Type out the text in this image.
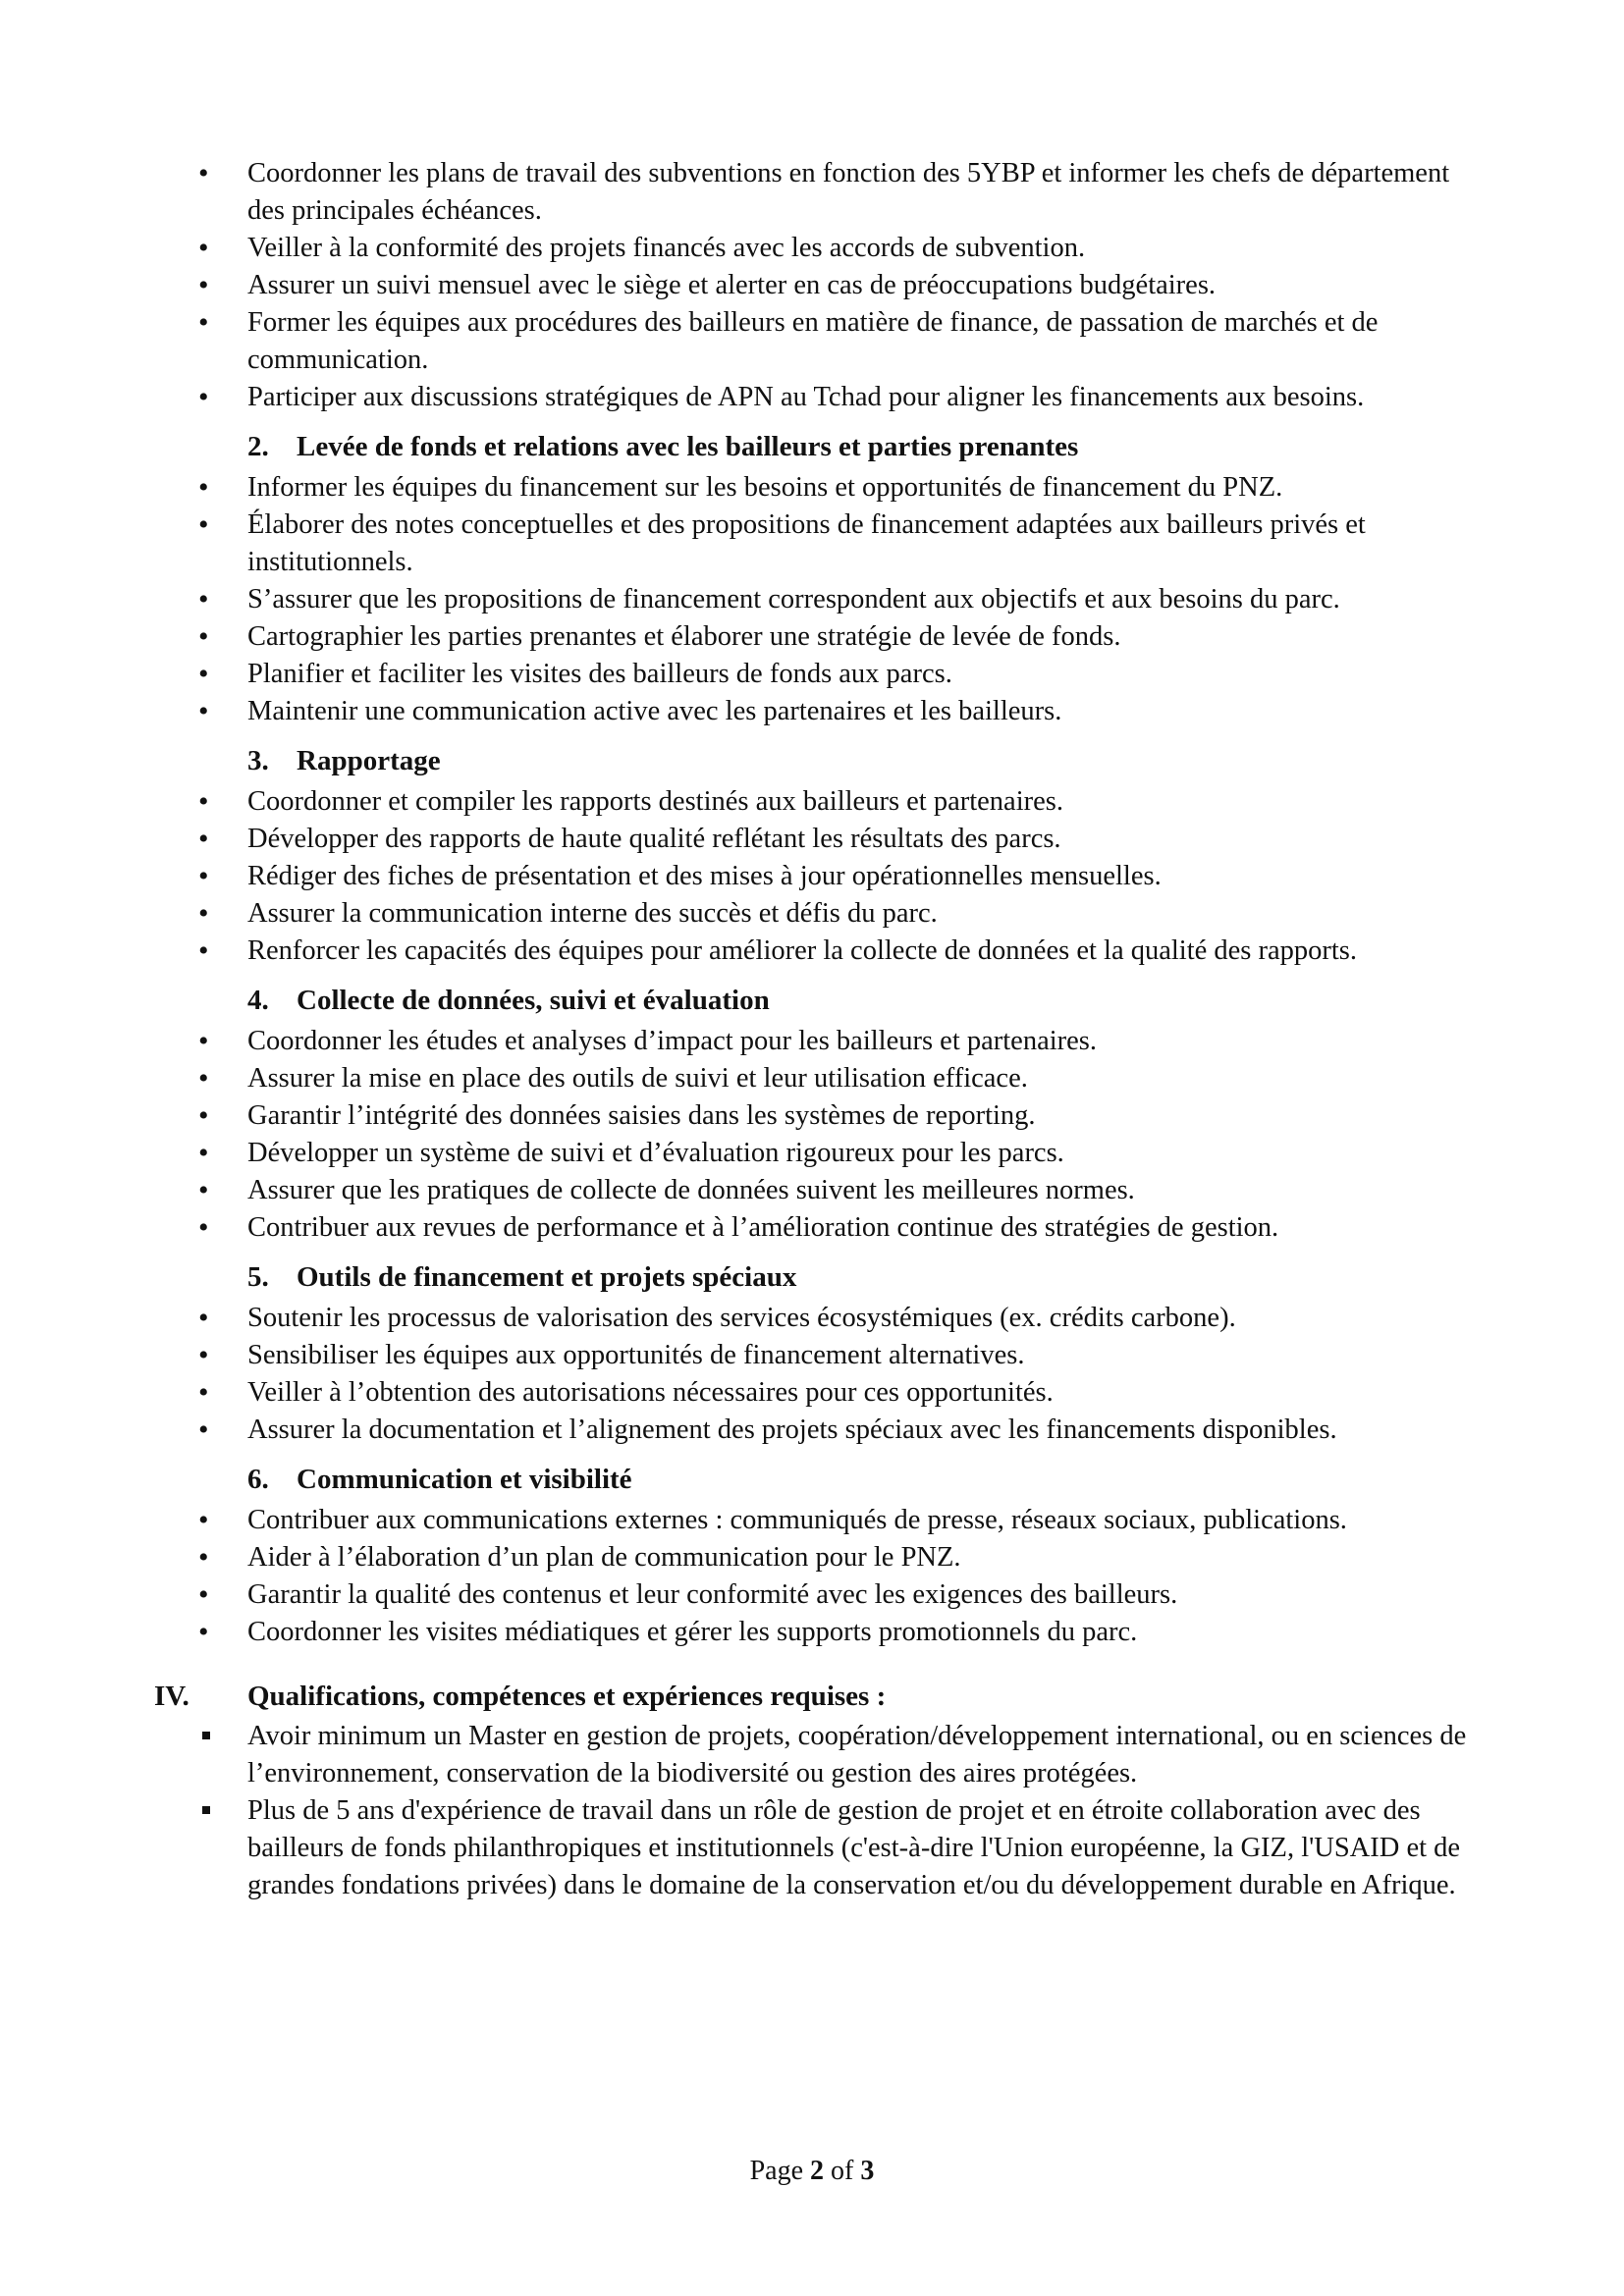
• Coordonner les plans de travail des subventions en fonction des 5YBP et informer les chefs de département des principales échéances.
• Veiller à la conformité des projets financés avec les accords de subvention.
• Assurer un suivi mensuel avec le siège et alerter en cas de préoccupations budgétaires.
• Former les équipes aux procédures des bailleurs en matière de finance, de passation de marchés et de communication.
• Participer aux discussions stratégiques de APN au Tchad pour aligner les financements aux besoins.
2. Levée de fonds et relations avec les bailleurs et parties prenantes
• Informer les équipes du financement sur les besoins et opportunités de financement du PNZ.
• Élaborer des notes conceptuelles et des propositions de financement adaptées aux bailleurs privés et institutionnels.
• S’assurer que les propositions de financement correspondent aux objectifs et aux besoins du parc.
• Cartographier les parties prenantes et élaborer une stratégie de levée de fonds.
• Planifier et faciliter les visites des bailleurs de fonds aux parcs.
• Maintenir une communication active avec les partenaires et les bailleurs.
3. Rapportage
• Coordonner et compiler les rapports destinés aux bailleurs et partenaires.
• Développer des rapports de haute qualité reflétant les résultats des parcs.
• Rédiger des fiches de présentation et des mises à jour opérationnelles mensuelles.
• Assurer la communication interne des succès et défis du parc.
• Renforcer les capacités des équipes pour améliorer la collecte de données et la qualité des rapports.
4. Collecte de données, suivi et évaluation
• Coordonner les études et analyses d’impact pour les bailleurs et partenaires.
• Assurer la mise en place des outils de suivi et leur utilisation efficace.
• Garantir l’intégrité des données saisies dans les systèmes de reporting.
• Développer un système de suivi et d’évaluation rigoureux pour les parcs.
• Assurer que les pratiques de collecte de données suivent les meilleures normes.
• Contribuer aux revues de performance et à l’amélioration continue des stratégies de gestion.
5. Outils de financement et projets spéciaux
• Soutenir les processus de valorisation des services écosystémiques (ex. crédits carbone).
• Sensibiliser les équipes aux opportunités de financement alternatives.
• Veiller à l’obtention des autorisations nécessaires pour ces opportunités.
• Assurer la documentation et l’alignement des projets spéciaux avec les financements disponibles.
6. Communication et visibilité
• Contribuer aux communications externes : communiqués de presse, réseaux sociaux, publications.
• Aider à l’élaboration d’un plan de communication pour le PNZ.
• Garantir la qualité des contenus et leur conformité avec les exigences des bailleurs.
• Coordonner les visites médiatiques et gérer les supports promotionnels du parc.
IV. Qualifications, compétences et expériences requises :
Avoir minimum un Master en gestion de projets, coopération/développement international, ou en sciences de l’environnement, conservation de la biodiversité ou gestion des aires protégées.
Plus de 5 ans d'expérience de travail dans un rôle de gestion de projet et en étroite collaboration avec des bailleurs de fonds philanthropiques et institutionnels (c'est-à-dire l'Union européenne, la GIZ, l'USAID et de grandes fondations privées) dans le domaine de la conservation et/ou du développement durable en Afrique.
Page 2 of 3
